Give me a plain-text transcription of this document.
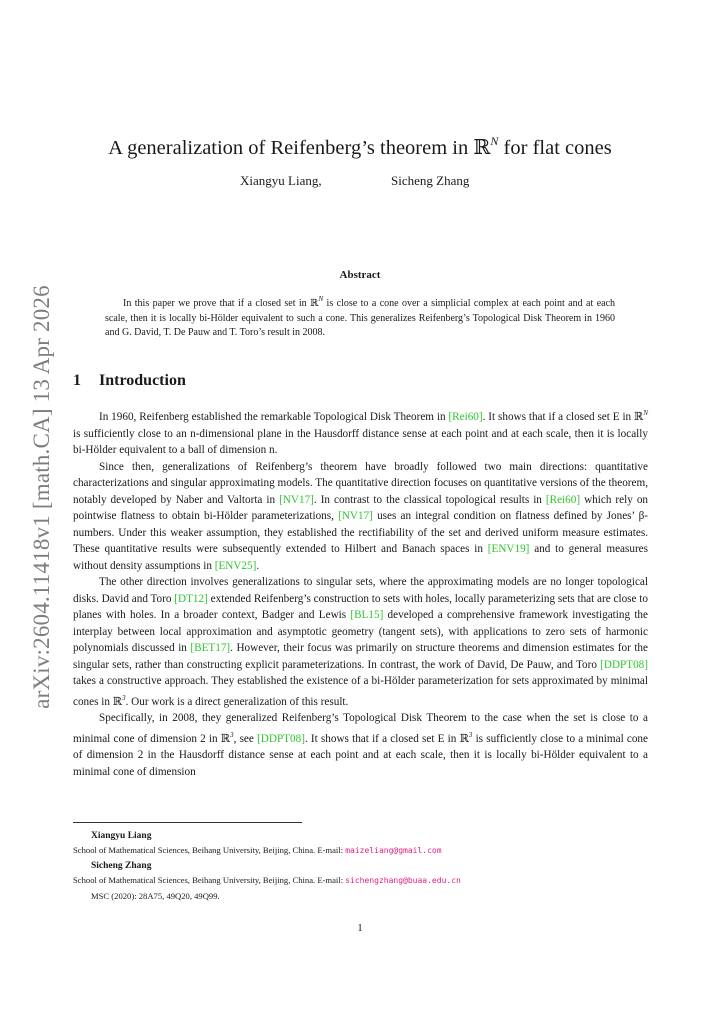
arXiv:2604.11418v1 [math.CA] 13 Apr 2026
A generalization of Reifenberg’s theorem in ℝ$^N$ for flat cones
Xiangyu Liang,	Sicheng Zhang
Abstract
In this paper we prove that if a closed set in ℝ$^N$ is close to a cone over a simplicial complex at each point and at each scale, then it is locally bi-Hölder equivalent to such a cone. This generalizes Reifenberg’s Topological Disk Theorem in 1960 and G. David, T. De Pauw and T. Toro’s result in 2008.
1 Introduction

In 1960, Reifenberg established the remarkable Topological Disk Theorem in [Rei60]. It shows that if a closed set E in ℝ$^N$ is sufficiently close to an n-dimensional plane in the Hausdorff distance sense at each point and at each scale, then it is locally bi-Hölder equivalent to a ball of dimension n.

Since then, generalizations of Reifenberg’s theorem have broadly followed two main directions: quantitative characterizations and singular approximating models. The quantitative direction focuses on quantitative versions of the theorem, notably developed by Naber and Valtorta in [NV17]. In contrast to the classical topological results in [Rei60] which rely on pointwise flatness to obtain bi-Hölder parameterizations, [NV17] uses an integral condition on flatness defined by Jones’ β-numbers. Under this weaker assumption, they established the rectifiability of the set and derived uniform measure estimates. These quantitative results were subsequently extended to Hilbert and Banach spaces in [ENV19] and to general measures without density assumptions in [ENV25].

The other direction involves generalizations to singular sets, where the approximating models are no longer topological disks. David and Toro [DT12] extended Reifenberg’s construction to sets with holes, locally parameterizing sets that are close to planes with holes. In a broader context, Badger and Lewis [BL15] developed a comprehensive framework investigating the interplay between local approximation and asymptotic geometry (tangent sets), with applications to zero sets of harmonic polynomials discussed in [BET17]. However, their focus was primarily on structure theorems and dimension estimates for the singular sets, rather than constructing explicit parameterizations. In contrast, the work of David, De Pauw, and Toro [DDPT08] takes a constructive approach. They established the existence of a bi-Hölder parameterization for sets approximated by minimal cones in ℝ$^3$. Our work is a direct generalization of this result.

Specifically, in 2008, they generalized Reifenberg’s Topological Disk Theorem to the case when the set is close to a minimal cone of dimension 2 in ℝ$^3$, see [DDPT08]. It shows that if a closed set E in ℝ$^3$ is sufficiently close to a minimal cone of dimension 2 in the Hausdorff distance sense at each point and at each scale, then it is locally bi-Hölder equivalent to a minimal cone of dimension

Xiangyu Liang
School of Mathematical Sciences, Beihang University, Beijing, China. E-mail: maizeliang@gmail.com
Sicheng Zhang
School of Mathematical Sciences, Beihang University, Beijing, China. E-mail: sichengzhang@buaa.edu.cn
MSC (2020): 28A75, 49Q20, 49Q99.
1
